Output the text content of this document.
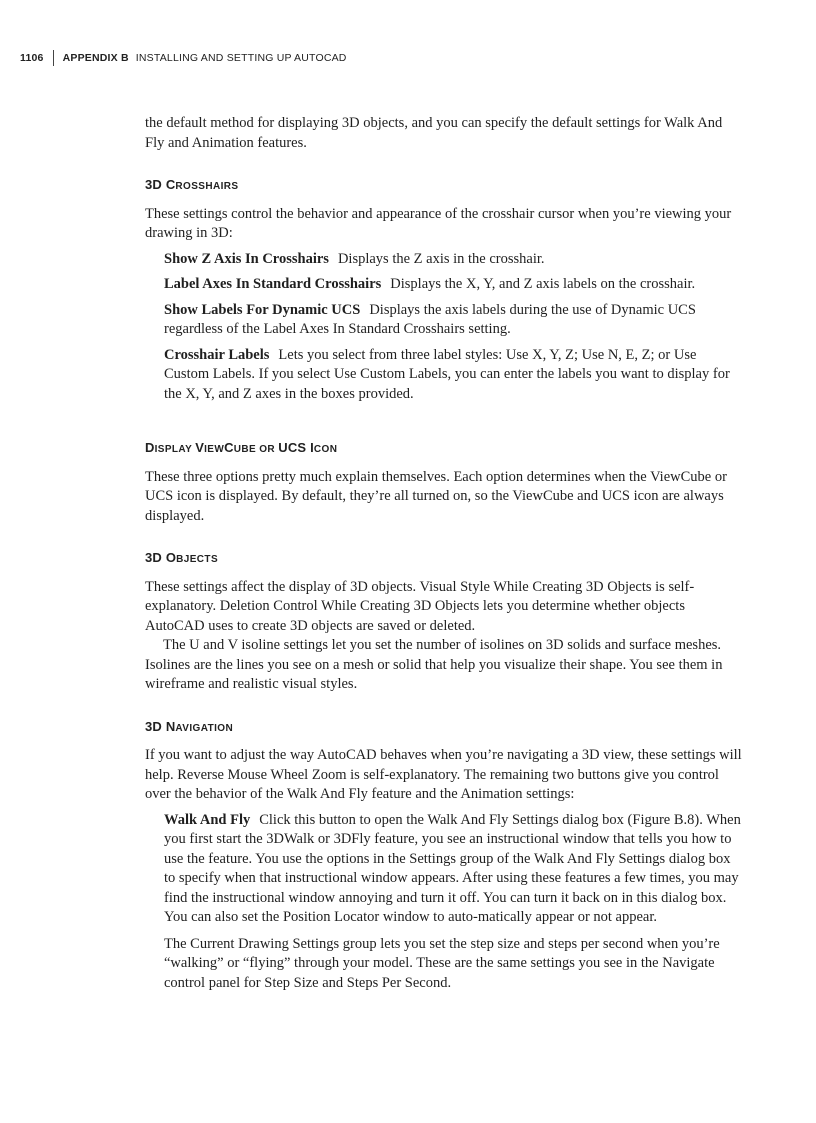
1106	APPENDIX B INSTALLING AND SETTING UP AUTOCAD

the default method for displaying 3D objects, and you can specify the default settings for Walk And Fly and Animation features.

3D CROSSHAIRS

These settings control the behavior and appearance of the crosshair cursor when you’re viewing your drawing in 3D:

Show Z Axis In Crosshairs Displays the Z axis in the crosshair.

Label Axes In Standard Crosshairs Displays the X, Y, and Z axis labels on the crosshair.

Show Labels For Dynamic UCS Displays the axis labels during the use of Dynamic UCS regardless of the Label Axes In Standard Crosshairs setting.

Crosshair Labels Lets you select from three label styles: Use X, Y, Z; Use N, E, Z; or Use Custom Labels. If you select Use Custom Labels, you can enter the labels you want to display for the X, Y, and Z axes in the boxes provided.

DISPLAY VIEWCUBE OR UCS ICON

These three options pretty much explain themselves. Each option determines when the ViewCube or UCS icon is displayed. By default, they’re all turned on, so the ViewCube and UCS icon are always displayed.

3D OBJECTS

These settings affect the display of 3D objects. Visual Style While Creating 3D Objects is self-explanatory. Deletion Control While Creating 3D Objects lets you determine whether objects AutoCAD uses to create 3D objects are saved or deleted.

The U and V isoline settings let you set the number of isolines on 3D solids and surface meshes. Isolines are the lines you see on a mesh or solid that help you visualize their shape. You see them in wireframe and realistic visual styles.

3D NAVIGATION

If you want to adjust the way AutoCAD behaves when you’re navigating a 3D view, these settings will help. Reverse Mouse Wheel Zoom is self-explanatory. The remaining two buttons give you control over the behavior of the Walk And Fly feature and the Animation settings:

Walk And Fly Click this button to open the Walk And Fly Settings dialog box (Figure B.8). When you first start the 3DWalk or 3DFly feature, you see an instructional window that tells you how to use the feature. You use the options in the Settings group of the Walk And Fly Settings dialog box to specify when that instructional window appears. After using these features a few times, you may find the instructional window annoying and turn it off. You can turn it back on in this dialog box. You can also set the Position Locator window to auto-matically appear or not appear.

The Current Drawing Settings group lets you set the step size and steps per second when you’re “walking” or “flying” through your model. These are the same settings you see in the Navigate control panel for Step Size and Steps Per Second.
